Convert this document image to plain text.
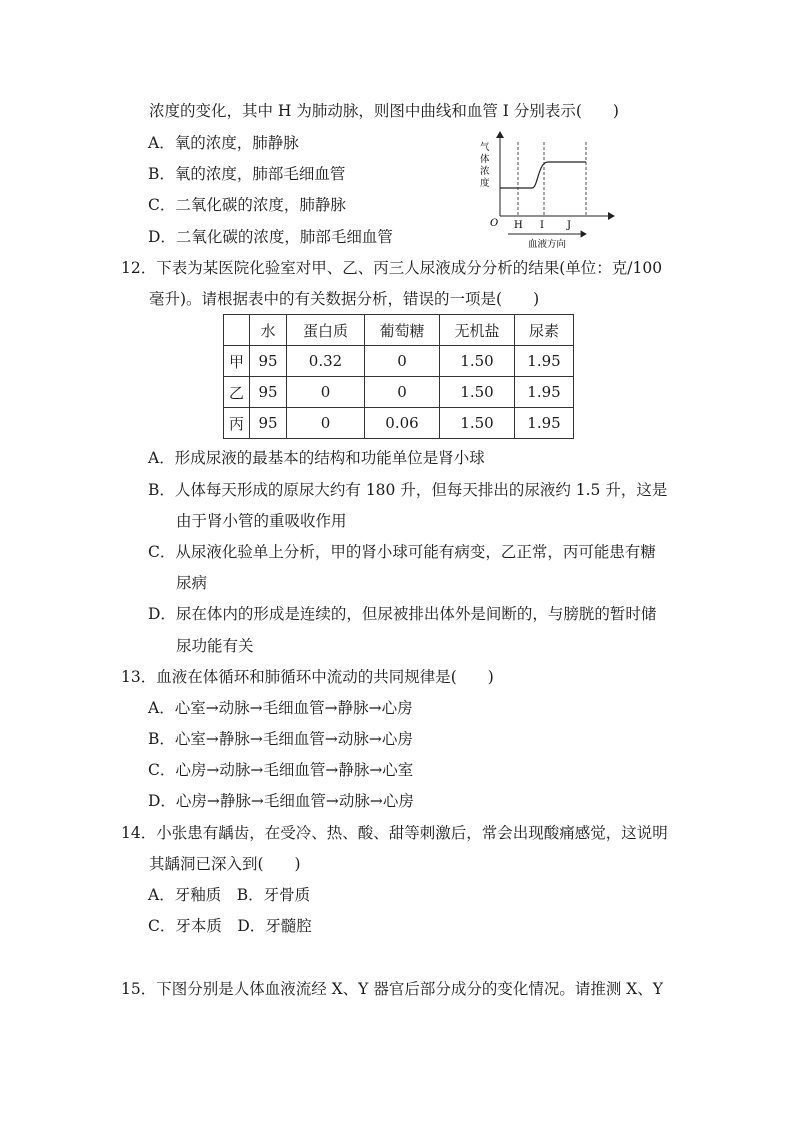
浓度的变化，其中 H 为肺动脉，则图中曲线和血管 I 分别表示(　　)
A．氧的浓度，肺静脉
B．氧的浓度，肺部毛细血管
C．二氧化碳的浓度，肺静脉
D．二氧化碳的浓度，肺部毛细血管
气
体
浓
度
O H I J
血液方向
12．下表为某医院化验室对甲、乙、丙三人尿液成分分析的结果(单位：克/100
毫升)。请根据表中的有关数据分析，错误的一项是(　　)
	水	蛋白质	葡萄糖	无机盐	尿素
甲	95	0.32	0	1.50	1.95
乙	95	0	0	1.50	1.95
丙	95	0	0.06	1.50	1.95
A．形成尿液的最基本的结构和功能单位是肾小球
B．人体每天形成的原尿大约有 180 升，但每天排出的尿液约 1.5 升，这是
由于肾小管的重吸收作用
C．从尿液化验单上分析，甲的肾小球可能有病变，乙正常，丙可能患有糖
尿病
D．尿在体内的形成是连续的，但尿被排出体外是间断的，与膀胱的暂时储
尿功能有关
13．血液在体循环和肺循环中流动的共同规律是(　　)
A．心室→动脉→毛细血管→静脉→心房
B．心室→静脉→毛细血管→动脉→心房
C．心房→动脉→毛细血管→静脉→心室
D．心房→静脉→毛细血管→动脉→心房
14．小张患有龋齿，在受冷、热、酸、甜等刺激后，常会出现酸痛感觉，这说明
其龋洞已深入到(　　)
A．牙釉质　B．牙骨质
C．牙本质　D．牙髓腔
15．下图分别是人体血液流经 X、Y 器官后部分成分的变化情况。请推测 X、Y
